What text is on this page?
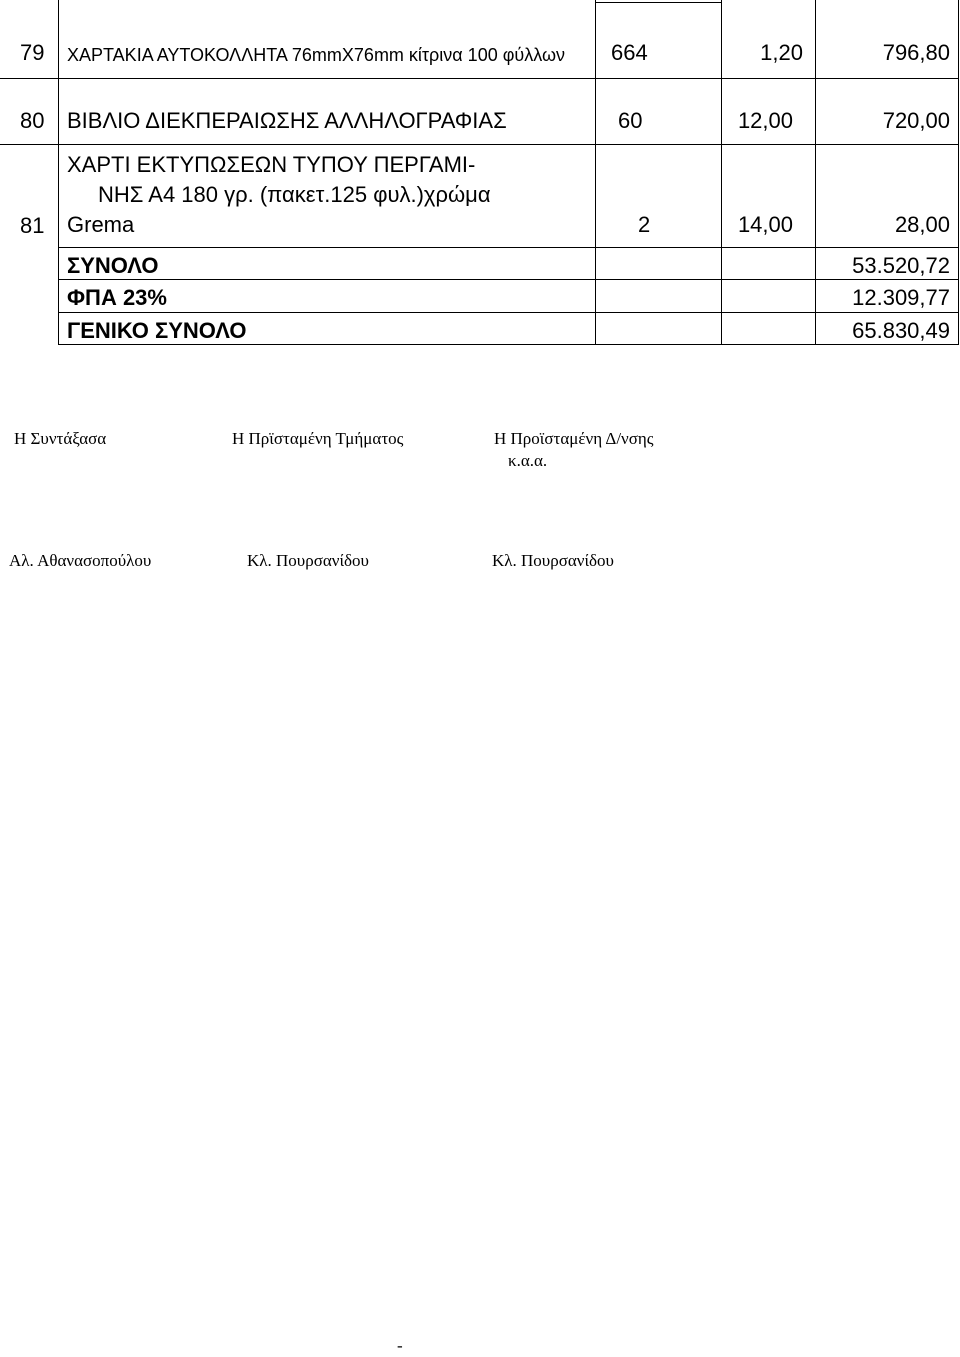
79 ΧΑΡΤΑΚΙΑ ΑΥΤΟΚΟΛΛΗΤΑ 76mmX76mm κίτρινα 100 φύλλων 664	1,20	796,80
80 ΒΙΒΛΙΟ ΔΙΕΚΠΕΡΑΙΩΣΗΣ ΑΛΛΗΛΟΓΡΑΦΙΑΣ	60	12,00	720,00
81
ΧΑΡΤΙ ΕΚΤΥΠΩΣΕΩΝ ΤΥΠΟΥ ΠΕΡΓΑΜΙ-
ΝΗΣ Α4 180 γρ. (πακετ.125 φυλ.)χρώμα
Grema	2	14,00	28,00
ΣΥΝΟΛΟ	53.520,72
ΦΠΑ 23%	12.309,77
ΓΕΝΙΚΟ ΣΥΝΟΛΟ	65.830,49
Η Συντάξασα	Η Πρϊσταμένη Τμήματος	Η Προϊσταμένη Δ/νσης
κ.α.α.
Αλ. Αθανασοπούλου	Κλ. Πουρσανίδου	Κλ. Πουρσανίδου
-
